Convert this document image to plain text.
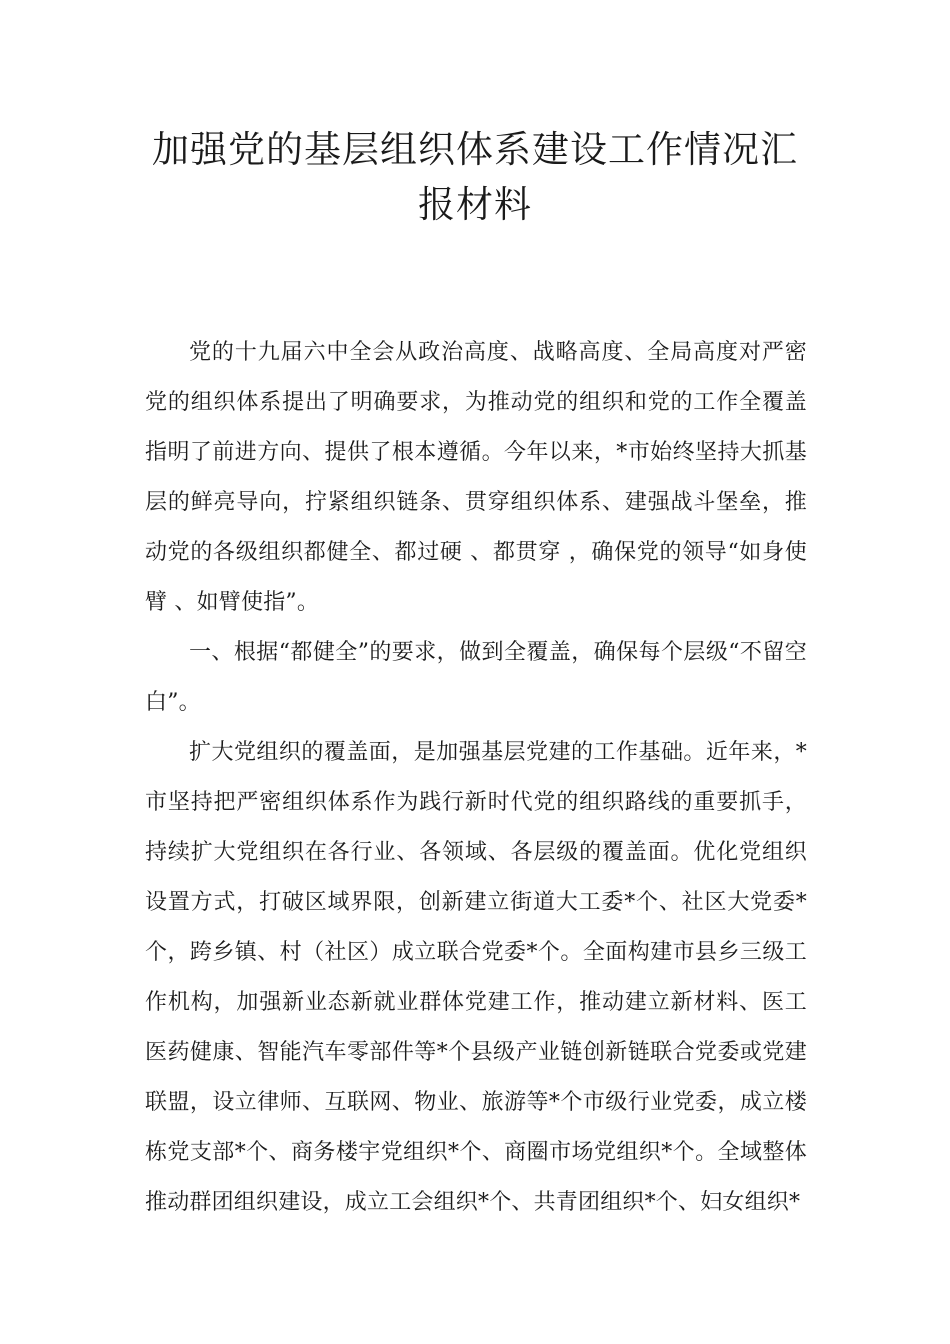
加强党的基层组织体系建设工作情况汇
报材料

党的十九届六中全会从政治高度、战略高度、全局高度对严密党的组织体系提出了明确要求，为推动党的组织和党的工作全覆盖指明了前进方向、提供了根本遵循。今年以来，*市始终坚持大抓基层的鲜亮导向，拧紧组织链条、贯穿组织体系、建强战斗堡垒，推动党的各级组织都健全、都过硬 、都贯穿 ，确保党的领导“如身使臂 、如臂使指”。

一、根据“都健全”的要求，做到全覆盖，确保每个层级“不留空白”。

扩大党组织的覆盖面，是加强基层党建的工作基础。近年来，*市坚持把严密组织体系作为践行新时代党的组织路线的重要抓手，持续扩大党组织在各行业、各领域、各层级的覆盖面。优化党组织设置方式，打破区域界限，创新建立街道大工委*个、社区大党委*个，跨乡镇、村（社区）成立联合党委*个。全面构建市县乡三级工作机构，加强新业态新就业群体党建工作，推动建立新材料、医工医药健康、智能汽车零部件等*个县级产业链创新链联合党委或党建联盟，设立律师、互联网、物业、旅游等*个市级行业党委，成立楼栋党支部*个、商务楼宇党组织*个、商圈市场党组织*个。全域整体推动群团组织建设，成立工会组织*个、共青团组织*个、妇女组织*
